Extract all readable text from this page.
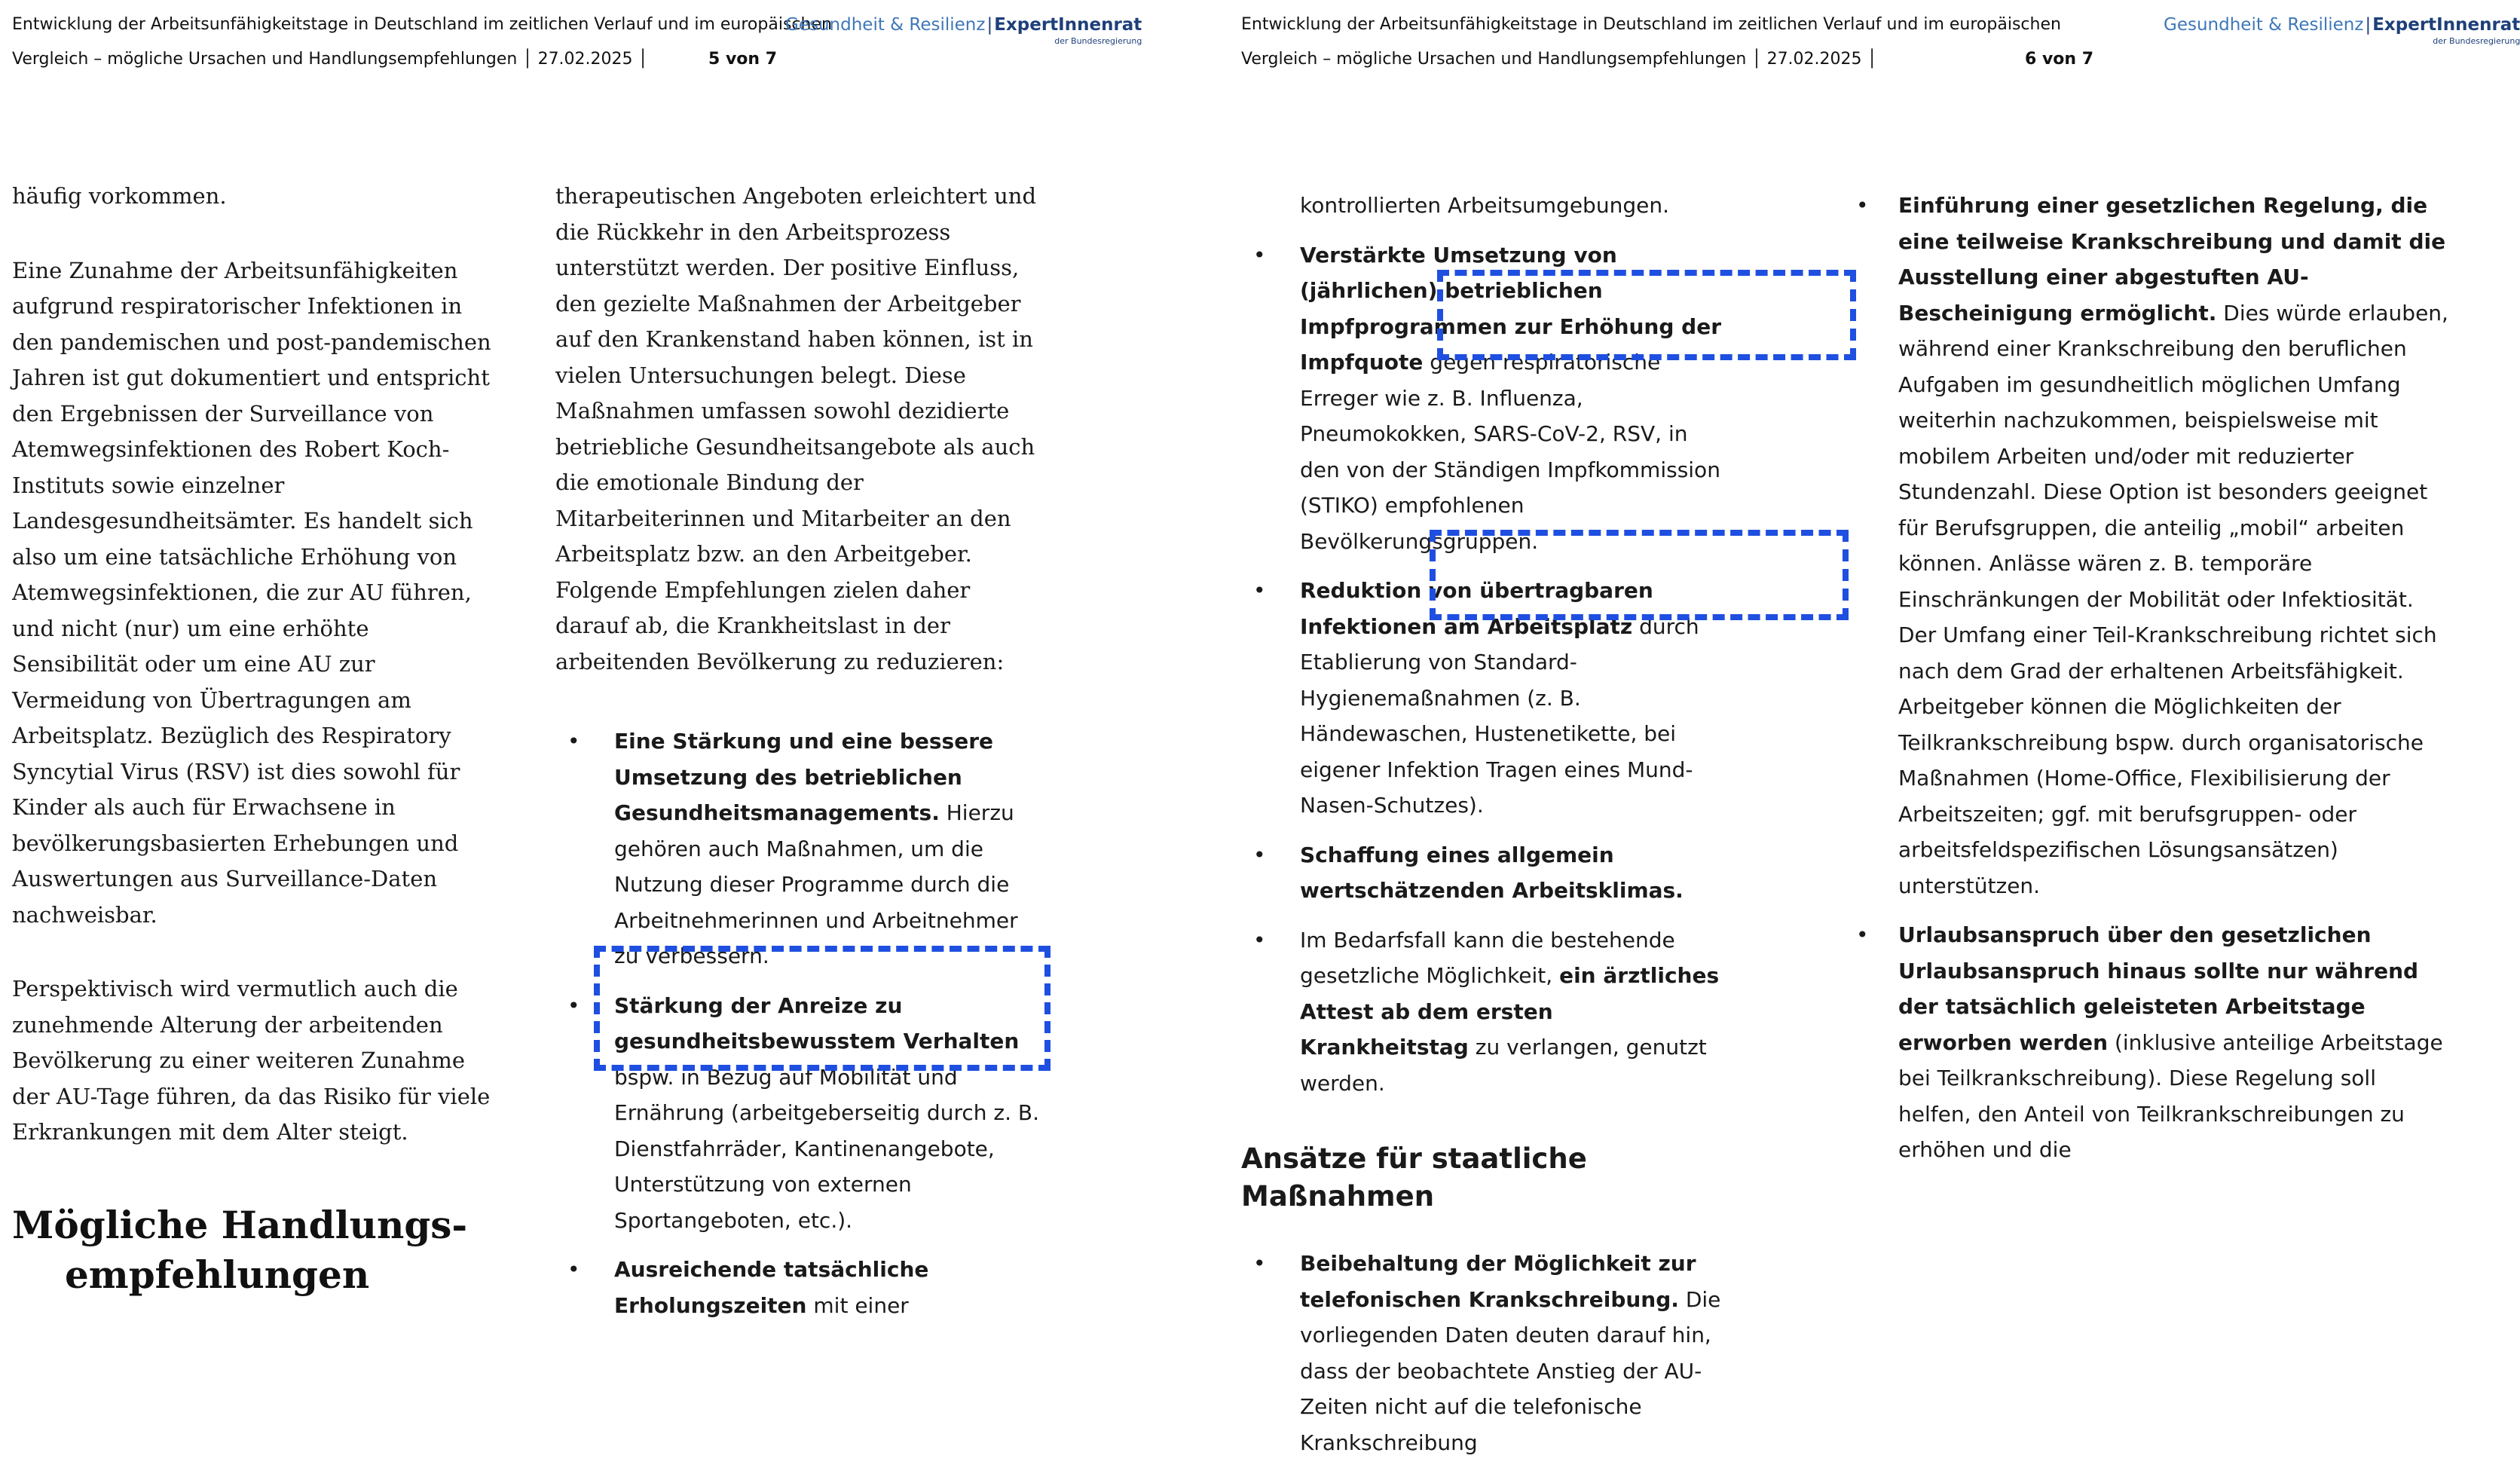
Entwicklung der Arbeitsunfähigkeitstage in Deutschland im zeitlichen Verlauf und im europäischen
Vergleich – mögliche Ursachen und Handlungsempfehlungen │ 27.02.2025 │	5 von 7
Gesundheit & Resilienz|ExpertInnenrat
der Bundesregierung

häufig vorkommen.

Eine Zunahme der Arbeitsunfähigkeiten aufgrund respiratorischer Infektionen in den pandemischen und post-pandemischen Jahren ist gut dokumentiert und entspricht den Ergebnissen der Surveillance von Atemwegsinfektionen des Robert Koch-Instituts sowie einzelner Landesgesundheitsämter. Es handelt sich also um eine tatsächliche Erhöhung von Atemwegsinfektionen, die zur AU führen, und nicht (nur) um eine erhöhte Sensibilität oder um eine AU zur Vermeidung von Übertragungen am Arbeitsplatz. Bezüglich des Respiratory Syncytial Virus (RSV) ist dies sowohl für Kinder als auch für Erwachsene in bevölkerungsbasierten Erhebungen und Auswertungen aus Surveillance-Daten nachweisbar.

Perspektivisch wird vermutlich auch die zunehmende Alterung der arbeitenden Bevölkerung zu einer weiteren Zunahme der AU-Tage führen, da das Risiko für viele Erkrankungen mit dem Alter steigt.

Mögliche Handlungs-
empfehlungen

therapeutischen Angeboten erleichtert und die Rückkehr in den Arbeitsprozess unterstützt werden. Der positive Einfluss, den gezielte Maßnahmen der Arbeitgeber auf den Krankenstand haben können, ist in vielen Untersuchungen belegt. Diese Maßnahmen umfassen sowohl dezidierte betriebliche Gesundheitsangebote als auch die emotionale Bindung der Mitarbeiterinnen und Mitarbeiter an den Arbeitsplatz bzw. an den Arbeitgeber. Folgende Empfehlungen zielen daher darauf ab, die Krankheitslast in der arbeitenden Bevölkerung zu reduzieren:

• Eine Stärkung und eine bessere Umsetzung des betrieblichen Gesundheitsmanagements. Hierzu gehören auch Maßnahmen, um die Nutzung dieser Programme durch die Arbeitnehmerinnen und Arbeitnehmer zu verbessern.
• Stärkung der Anreize zu gesundheitsbewusstem Verhalten bspw. in Bezug auf Mobilität und Ernährung (arbeitgeberseitig durch z. B. Dienstfahrräder, Kantinenangebote, Unterstützung von externen Sportangeboten, etc.).
• Ausreichende tatsächliche Erholungszeiten mit einer
Entwicklung der Arbeitsunfähigkeitstage in Deutschland im zeitlichen Verlauf und im europäischen
Vergleich – mögliche Ursachen und Handlungsempfehlungen │ 27.02.2025 │	6 von 7
Gesundheit & Resilienz|ExpertInnenrat
der Bundesregierung
kontrollierten Arbeitsumgebungen.
• Verstärkte Umsetzung von (jährlichen) betrieblichen Impfprogrammen zur Erhöhung der Impfquote gegen respiratorische Erreger wie z. B. Influenza, Pneumokokken, SARS-CoV-2, RSV, in den von der Ständigen Impfkommission (STIKO) empfohlenen Bevölkerungsgruppen.
• Reduktion von übertragbaren Infektionen am Arbeitsplatz durch Etablierung von Standard-Hygienemaßnahmen (z. B. Händewaschen, Hustenetikette, bei eigener Infektion Tragen eines Mund-Nasen-Schutzes).
• Schaffung eines allgemein wertschätzenden Arbeitsklimas.
• Im Bedarfsfall kann die bestehende gesetzliche Möglichkeit, ein ärztliches Attest ab dem ersten Krankheitstag zu verlangen, genutzt werden.
Ansätze für staatliche Maßnahmen
• Beibehaltung der Möglichkeit zur telefonischen Krankschreibung. Die vorliegenden Daten deuten darauf hin, dass der beobachtete Anstieg der AU-Zeiten nicht auf die telefonische Krankschreibung
• Einführung einer gesetzlichen Regelung, die eine teilweise Krankschreibung und damit die Ausstellung einer abgestuften AU-Bescheinigung ermöglicht. Dies würde erlauben, während einer Krankschreibung den beruflichen Aufgaben im gesundheitlich möglichen Umfang weiterhin nachzukommen, beispielsweise mit mobilem Arbeiten und/oder mit reduzierter Stundenzahl. Diese Option ist besonders geeignet für Berufsgruppen, die anteilig „mobil“ arbeiten können. Anlässe wären z. B. temporäre Einschränkungen der Mobilität oder Infektiosität. Der Umfang einer Teil-Krankschreibung richtet sich nach dem Grad der erhaltenen Arbeitsfähigkeit. Arbeitgeber können die Möglichkeiten der Teilkrankschreibung bspw. durch organisatorische Maßnahmen (Home-Office, Flexibilisierung der Arbeitszeiten; ggf. mit berufsgruppen- oder arbeitsfeldspezifischen Lösungsansätzen) unterstützen.
• Urlaubsanspruch über den gesetzlichen Urlaubsanspruch hinaus sollte nur während der tatsächlich geleisteten Arbeitstage erworben werden (inklusive anteilige Arbeitstage bei Teilkrankschreibung). Diese Regelung soll helfen, den Anteil von Teilkrankschreibungen zu erhöhen und die
